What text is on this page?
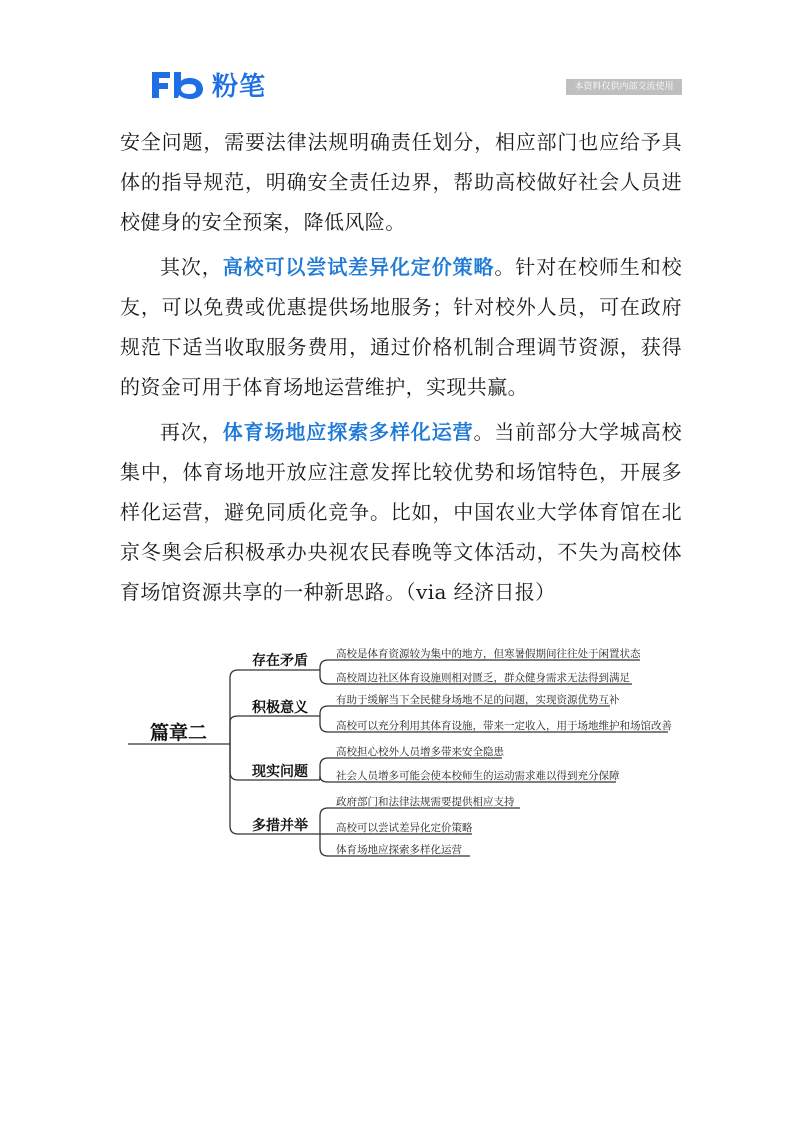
粉笔	本资料仅供内部交流使用

安全问题，需要法律法规明确责任划分，相应部门也应给予具体的指导规范，明确安全责任边界，帮助高校做好社会人员进校健身的安全预案，降低风险。

其次，高校可以尝试差异化定价策略。针对在校师生和校友，可以免费或优惠提供场地服务；针对校外人员，可在政府规范下适当收取服务费用，通过价格机制合理调节资源，获得的资金可用于体育场地运营维护，实现共赢。

再次，体育场地应探索多样化运营。当前部分大学城高校集中，体育场地开放应注意发挥比较优势和场馆特色，开展多样化运营，避免同质化竞争。比如，中国农业大学体育馆在北京冬奥会后积极承办央视农民春晚等文体活动，不失为高校体育场馆资源共享的一种新思路。（via 经济日报）

篇章二
存在矛盾
积极意义
现实问题
多措并举
高校是体育资源较为集中的地方，但寒暑假期间往往处于闲置状态
高校周边社区体育设施则相对匮乏，群众健身需求无法得到满足
有助于缓解当下全民健身场地不足的问题，实现资源优势互补
高校可以充分利用其体育设施，带来一定收入，用于场地维护和场馆改善
高校担心校外人员增多带来安全隐患
社会人员增多可能会使本校师生的运动需求难以得到充分保障
政府部门和法律法规需要提供相应支持
高校可以尝试差异化定价策略
体育场地应探索多样化运营
